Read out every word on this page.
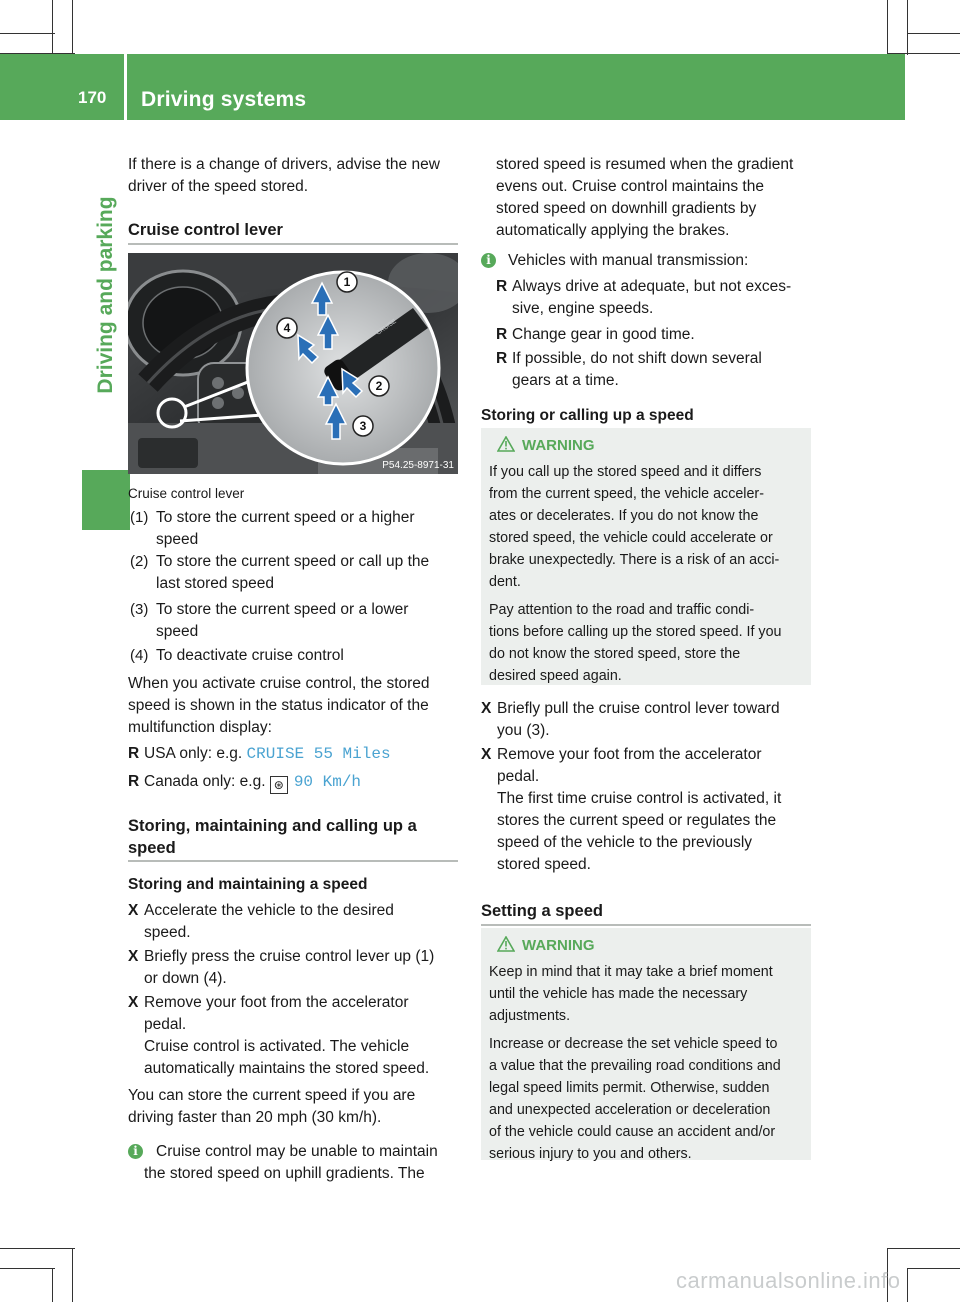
170 Driving systems
Driving and parking

If there is a change of drivers, advise the new

driver of the speed stored.

Cruise control lever
CRUISE
1
2
3
4
P54.25-8971-31
Cruise control lever
(1) To store the current speed or a higher

speed

(2) To store the current speed or call up the

last stored speed

(3) To store the current speed or a lower

speed

(4) To deactivate cruise control

When you activate cruise control, the stored

speed is shown in the status indicator of the

multifunction display:

R USA only: e.g. CRUISE 55 Miles
R Canada only: e.g. ⊛ 90 Km/h

Storing, maintaining and calling up a

speed

Storing and maintaining a speed
X Accelerate the vehicle to the desired

speed.

X Briefly press the cruise control lever up (1)

or down (4).

X Remove your foot from the accelerator

pedal.

Cruise control is activated. The vehicle

automatically maintains the stored speed.

You can store the current speed if you are

driving faster than 20 mph (30 km/h).

i	Cruise control may be unable to maintain

the stored speed on uphill gradients. The

stored speed is resumed when the gradient

evens out. Cruise control maintains the

stored speed on downhill gradients by

automatically applying the brakes.

i	Vehicles with manual transmission:
R Always drive at adequate, but not exces-

sive, engine speeds.

R Change gear in good time.

R If possible, do not shift down several

gears at a time.

Storing or calling up a speed
WARNING

If you call up the stored speed and it differs

from the current speed, the vehicle acceler-

ates or decelerates. If you do not know the

stored speed, the vehicle could accelerate or

brake unexpectedly. There is a risk of an acci-

dent.

Pay attention to the road and traffic condi-

tions before calling up the stored speed. If you

do not know the stored speed, store the

desired speed again.

X Briefly pull the cruise control lever toward

you (3).

X Remove your foot from the accelerator

pedal.

The first time cruise control is activated, it

stores the current speed or regulates the

speed of the vehicle to the previously

stored speed.

Setting a speed
WARNING

Keep in mind that it may take a brief moment

until the vehicle has made the necessary

adjustments.

Increase or decrease the set vehicle speed to

a value that the prevailing road conditions and

legal speed limits permit. Otherwise, sudden

and unexpected acceleration or deceleration

of the vehicle could cause an accident and/or

serious injury to you and others.

carmanualsonline.info
